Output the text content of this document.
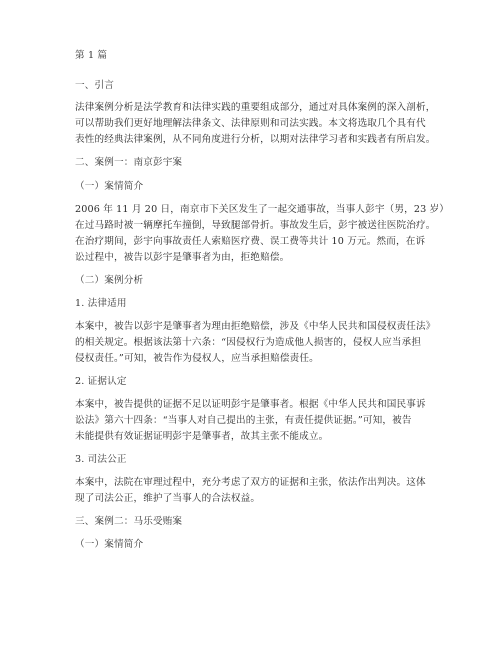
第 1 篇
一、引言
法律案例分析是法学教育和法律实践的重要组成部分，通过对具体案例的深入剖析，
可以帮助我们更好地理解法律条文、法律原则和司法实践。本文将选取几个具有代
表性的经典法律案例，从不同角度进行分析，以期对法律学习者和实践者有所启发。
二、案例一：南京彭宇案
（一）案情简介
2006 年 11 月 20 日，南京市下关区发生了一起交通事故，当事人彭宇（男，23 岁）
在过马路时被一辆摩托车撞倒，导致腿部骨折。事故发生后，彭宇被送往医院治疗。
在治疗期间，彭宇向事故责任人索赔医疗费、误工费等共计 10 万元。然而，在诉
讼过程中，被告以彭宇是肇事者为由，拒绝赔偿。
（二）案例分析
1. 法律适用
本案中，被告以彭宇是肇事者为理由拒绝赔偿，涉及《中华人民共和国侵权责任法》
的相关规定。根据该法第十六条：“因侵权行为造成他人损害的，侵权人应当承担
侵权责任。”可知，被告作为侵权人，应当承担赔偿责任。
2. 证据认定
本案中，被告提供的证据不足以证明彭宇是肇事者。根据《中华人民共和国民事诉
讼法》第六十四条：“当事人对自己提出的主张，有责任提供证据。”可知，被告
未能提供有效证据证明彭宇是肇事者，故其主张不能成立。
3. 司法公正
本案中，法院在审理过程中，充分考虑了双方的证据和主张，依法作出判决。这体
现了司法公正，维护了当事人的合法权益。
三、案例二：马乐受贿案
（一）案情简介
